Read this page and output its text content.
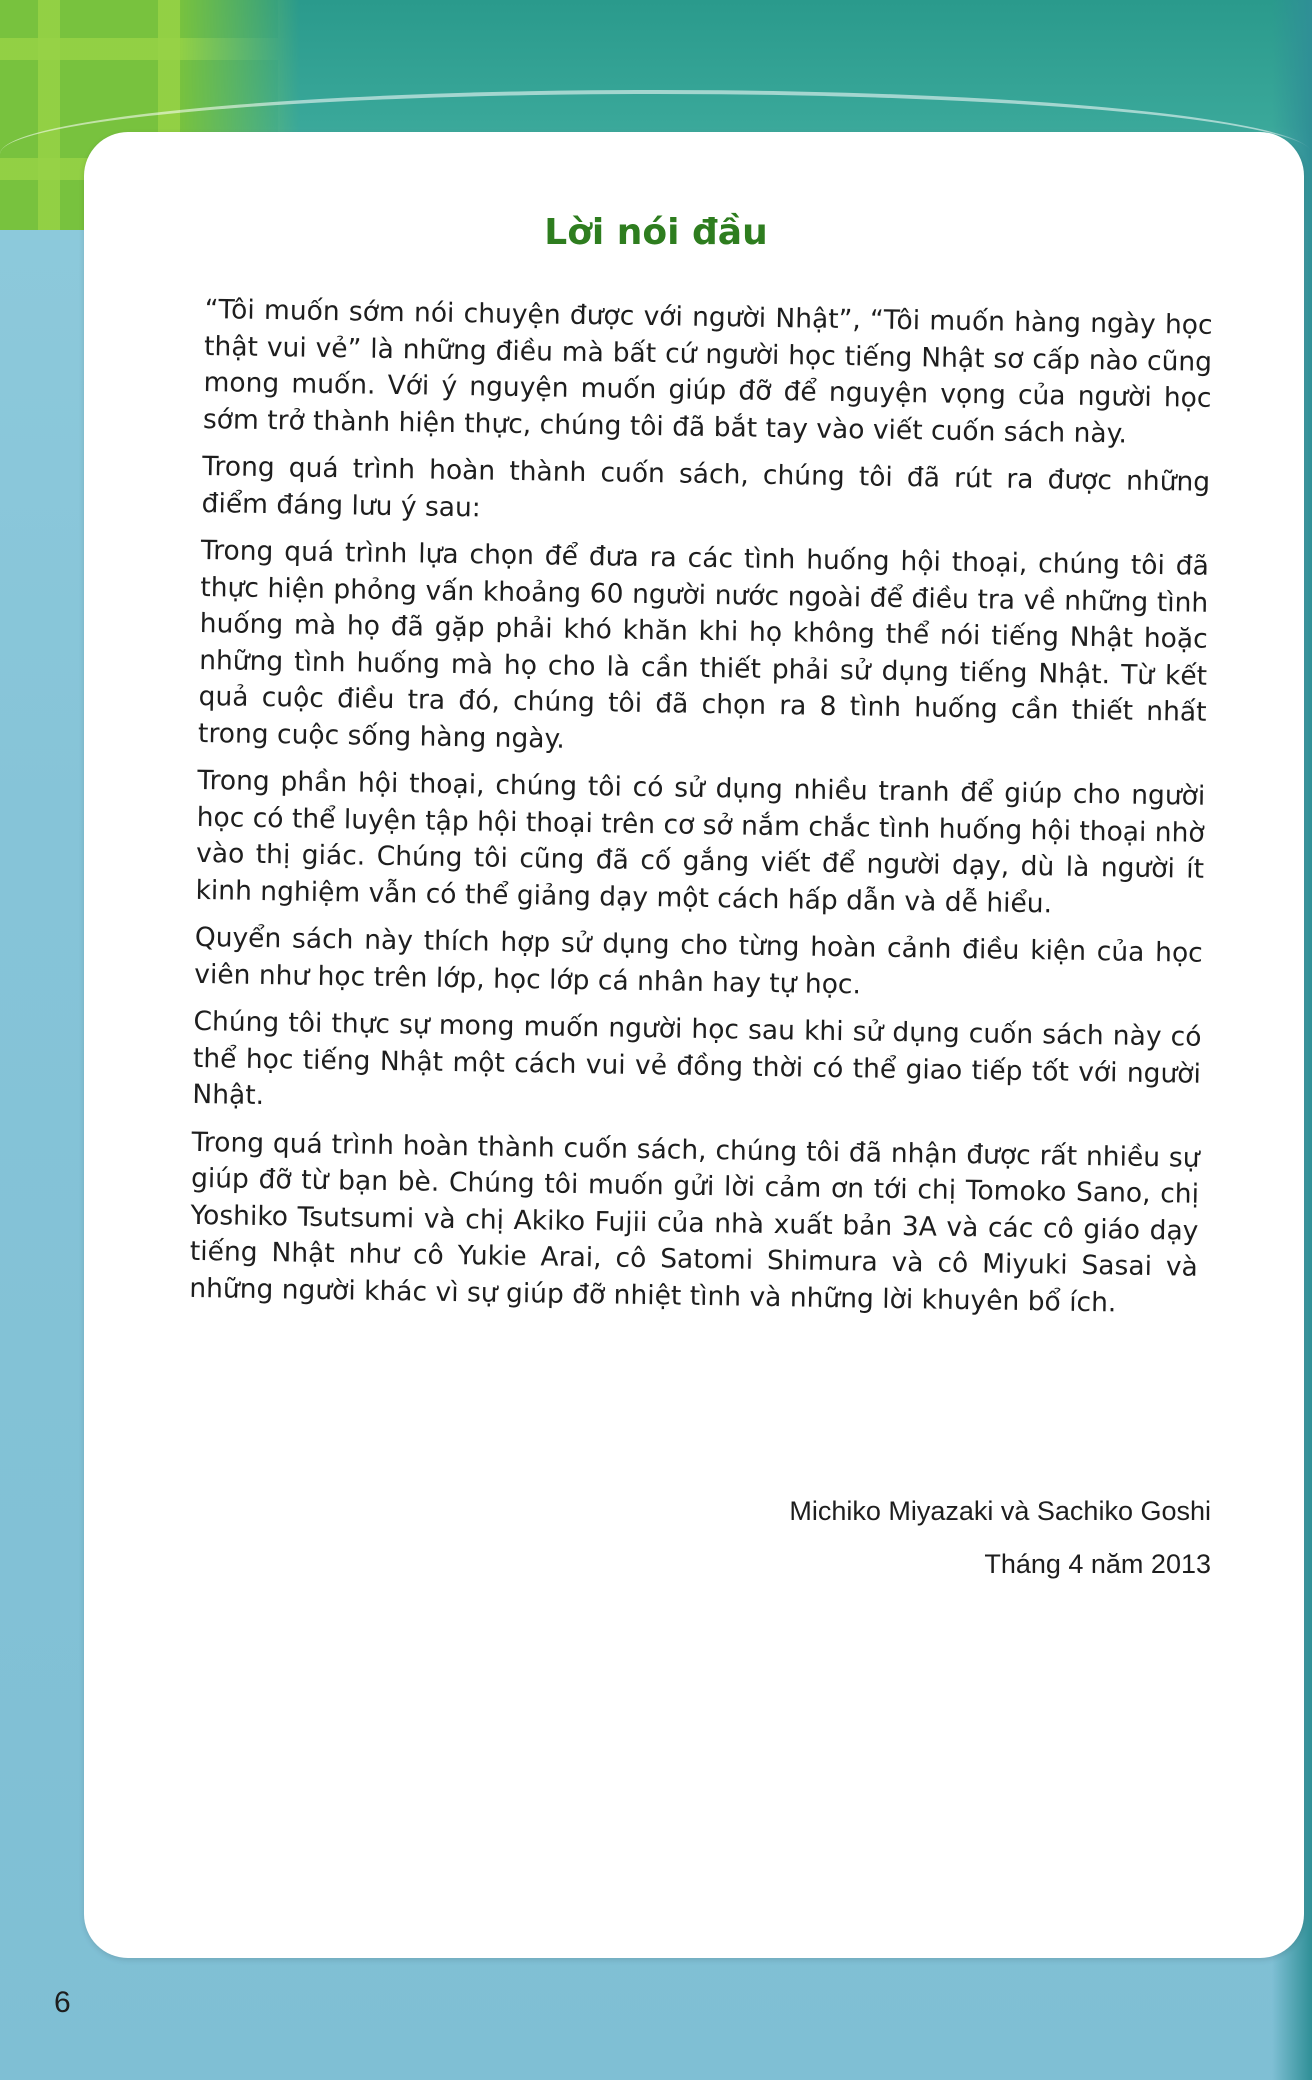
Lời nói đầu

“Tôi muốn sớm nói chuyện được với người Nhật”, “Tôi muốn hàng ngày học thật vui vẻ” là những điều mà bất cứ người học tiếng Nhật sơ cấp nào cũng mong muốn. Với ý nguyện muốn giúp đỡ để nguyện vọng của người học sớm trở thành hiện thực, chúng tôi đã bắt tay vào viết cuốn sách này.

Trong quá trình hoàn thành cuốn sách, chúng tôi đã rút ra được những điểm đáng lưu ý sau:

Trong quá trình lựa chọn để đưa ra các tình huống hội thoại, chúng tôi đã thực hiện phỏng vấn khoảng 60 người nước ngoài để điều tra về những tình huống mà họ đã gặp phải khó khăn khi họ không thể nói tiếng Nhật hoặc những tình huống mà họ cho là cần thiết phải sử dụng tiếng Nhật. Từ kết quả cuộc điều tra đó, chúng tôi đã chọn ra 8 tình huống cần thiết nhất trong cuộc sống hàng ngày.

Trong phần hội thoại, chúng tôi có sử dụng nhiều tranh để giúp cho người học có thể luyện tập hội thoại trên cơ sở nắm chắc tình huống hội thoại nhờ vào thị giác. Chúng tôi cũng đã cố gắng viết để người dạy, dù là người ít kinh nghiệm vẫn có thể giảng dạy một cách hấp dẫn và dễ hiểu.

Quyển sách này thích hợp sử dụng cho từng hoàn cảnh điều kiện của học viên như học trên lớp, học lớp cá nhân hay tự học.

Chúng tôi thực sự mong muốn người học sau khi sử dụng cuốn sách này có thể học tiếng Nhật một cách vui vẻ đồng thời có thể giao tiếp tốt với người Nhật.

Trong quá trình hoàn thành cuốn sách, chúng tôi đã nhận được rất nhiều sự giúp đỡ từ bạn bè. Chúng tôi muốn gửi lời cảm ơn tới chị Tomoko Sano, chị Yoshiko Tsutsumi và chị Akiko Fujii của nhà xuất bản 3A và các cô giáo dạy tiếng Nhật như cô Yukie Arai, cô Satomi Shimura và cô Miyuki Sasai và những người khác vì sự giúp đỡ nhiệt tình và những lời khuyên bổ ích.

Michiko Miyazaki và Sachiko Goshi
Tháng 4 năm 2013
6
